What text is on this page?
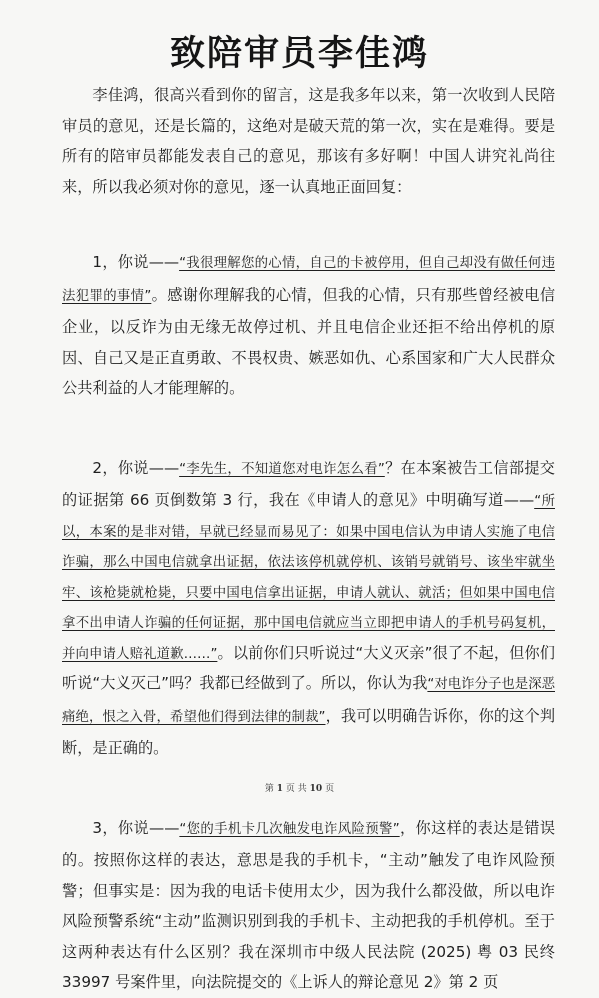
致陪审员李佳鸿

李佳鸿，很高兴看到你的留言，这是我多年以来，第一次收到人民陪审员的意见，还是长篇的，这绝对是破天荒的第一次，实在是难得。要是所有的陪审员都能发表自己的意见，那该有多好啊！中国人讲究礼尚往来，所以我必须对你的意见，逐一认真地正面回复：

1，你说——“我很理解您的心情，自己的卡被停用，但自己却没有做任何违法犯罪的事情”。感谢你理解我的心情，但我的心情，只有那些曾经被电信企业，以反诈为由无缘无故停过机、并且电信企业还拒不给出停机的原因、自己又是正直勇敢、不畏权贵、嫉恶如仇、心系国家和广大人民群众公共利益的人才能理解的。

2，你说——“李先生，不知道您对电诈怎么看”？在本案被告工信部提交的证据第 66 页倒数第 3 行，我在《申请人的意见》中明确写道——“所以，本案的是非对错，早就已经显而易见了：如果中国电信认为申请人实施了电信诈骗，那么中国电信就拿出证据，依法该停机就停机、该销号就销号、该坐牢就坐牢、该枪毙就枪毙，只要中国电信拿出证据，申请人就认、就活；但如果中国电信拿不出申请人诈骗的任何证据，那中国电信就应当立即把申请人的手机号码复机，并向申请人赔礼道歉……”。以前你们只听说过“大义灭亲”很了不起，但你们听说“大义灭己”吗？我都已经做到了。所以，你认为我“对电诈分子也是深恶痛绝，恨之入骨，希望他们得到法律的制裁”，我可以明确告诉你，你的这个判断，是正确的。

3，你说——“您的手机卡几次触发电诈风险预警”，你这样的表达是错误的。按照你这样的表达，意思是我的手机卡，“主动”触发了电诈风险预警；但事实是：因为我的电话卡使用太少，因为我什么都没做，所以电诈风险预警系统“主动”监测识别到我的手机卡、主动把我的手机停机。至于这两种表达有什么区别？我在深圳市中级人民法院 (2025) 粤 03 民终 33997 号案件里，向法院提交的《上诉人的辩论意见 2》第 2 页

第 1 页 共 10 页
